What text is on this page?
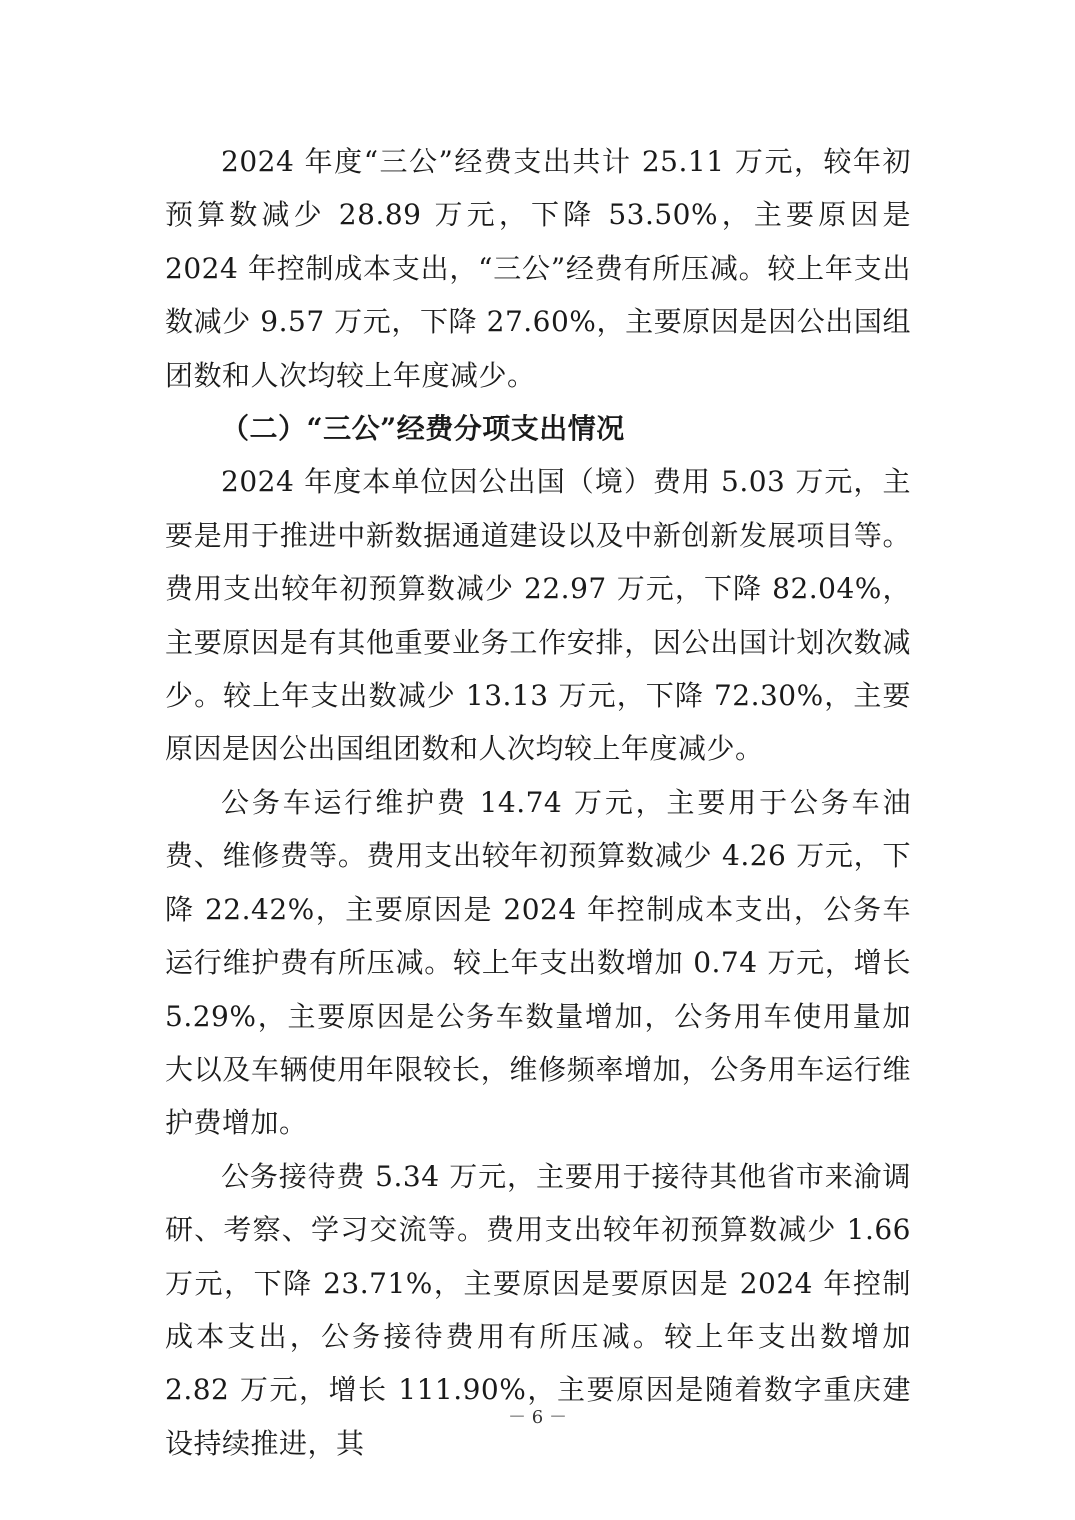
2024 年度“三公”经费支出共计 25.11 万元，较年初预算数减少 28.89 万元，下降 53.50%，主要原因是 2024 年控制成本支出，“三公”经费有所压减。较上年支出数减少 9.57 万元，下降 27.60%，主要原因是因公出国组团数和人次均较上年度减少。

（二）“三公”经费分项支出情况

2024 年度本单位因公出国（境）费用 5.03 万元，主要是用于推进中新数据通道建设以及中新创新发展项目等。费用支出较年初预算数减少 22.97 万元，下降 82.04%，主要原因是有其他重要业务工作安排，因公出国计划次数减少。较上年支出数减少 13.13 万元，下降 72.30%，主要原因是因公出国组团数和人次均较上年度减少。

公务车运行维护费 14.74 万元，主要用于公务车油费、维修费等。费用支出较年初预算数减少 4.26 万元，下降 22.42%，主要原因是 2024 年控制成本支出，公务车运行维护费有所压减。较上年支出数增加 0.74 万元，增长 5.29%，主要原因是公务车数量增加，公务用车使用量加大以及车辆使用年限较长，维修频率增加，公务用车运行维护费增加。

公务接待费 5.34 万元，主要用于接待其他省市来渝调研、考察、学习交流等。费用支出较年初预算数减少 1.66 万元，下降 23.71%，主要原因是要原因是 2024 年控制成本支出，公务接待费用有所压减。较上年支出数增加 2.82 万元，增长 111.90%，主要原因是随着数字重庆建设持续推进，其

－ 6 －
